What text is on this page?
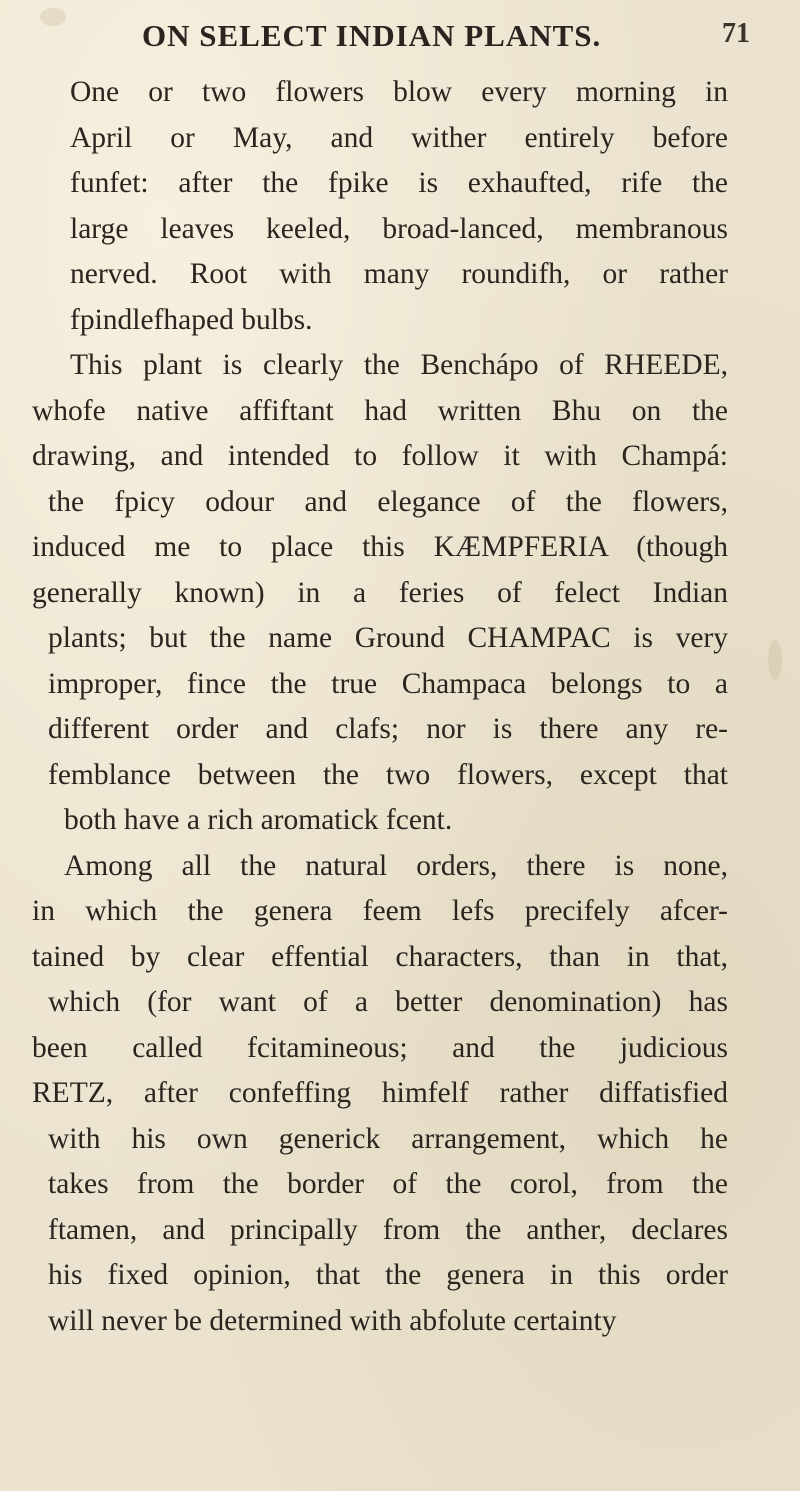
ON SELECT INDIAN PLANTS.	71
One or two flowers blow every morning in
April or May, and wither entirely before
funfet: after the fpike is exhaufted, rife the
large leaves keeled, broad-lanced, membranous
nerved. Root with many roundifh, or rather
fpindlefhaped bulbs.
This plant is clearly the Benchápo of RHEEDE,
whofe native affiftant had written Bhu on the
drawing, and intended to follow it with Champá:
the fpicy odour and elegance of the flowers,
induced me to place this KÆMPFERIA (though
generally known) in a feries of felect Indian
plants; but the name Ground CHAMPAC is very
improper, fince the true Champaca belongs to a
different order and clafs; nor is there any re-
femblance between the two flowers, except that
both have a rich aromatick fcent.
Among all the natural orders, there is none,
in which the genera feem lefs precifely afcer-
tained by clear effential characters, than in that,
which (for want of a better denomination) has
been called fcitamineous; and the judicious
RETZ, after confeffing himfelf rather diffatisfied
with his own generick arrangement, which he
takes from the border of the corol, from the
ftamen, and principally from the anther, declares
his fixed opinion, that the genera in this order
will never be determined with abfolute certainty
